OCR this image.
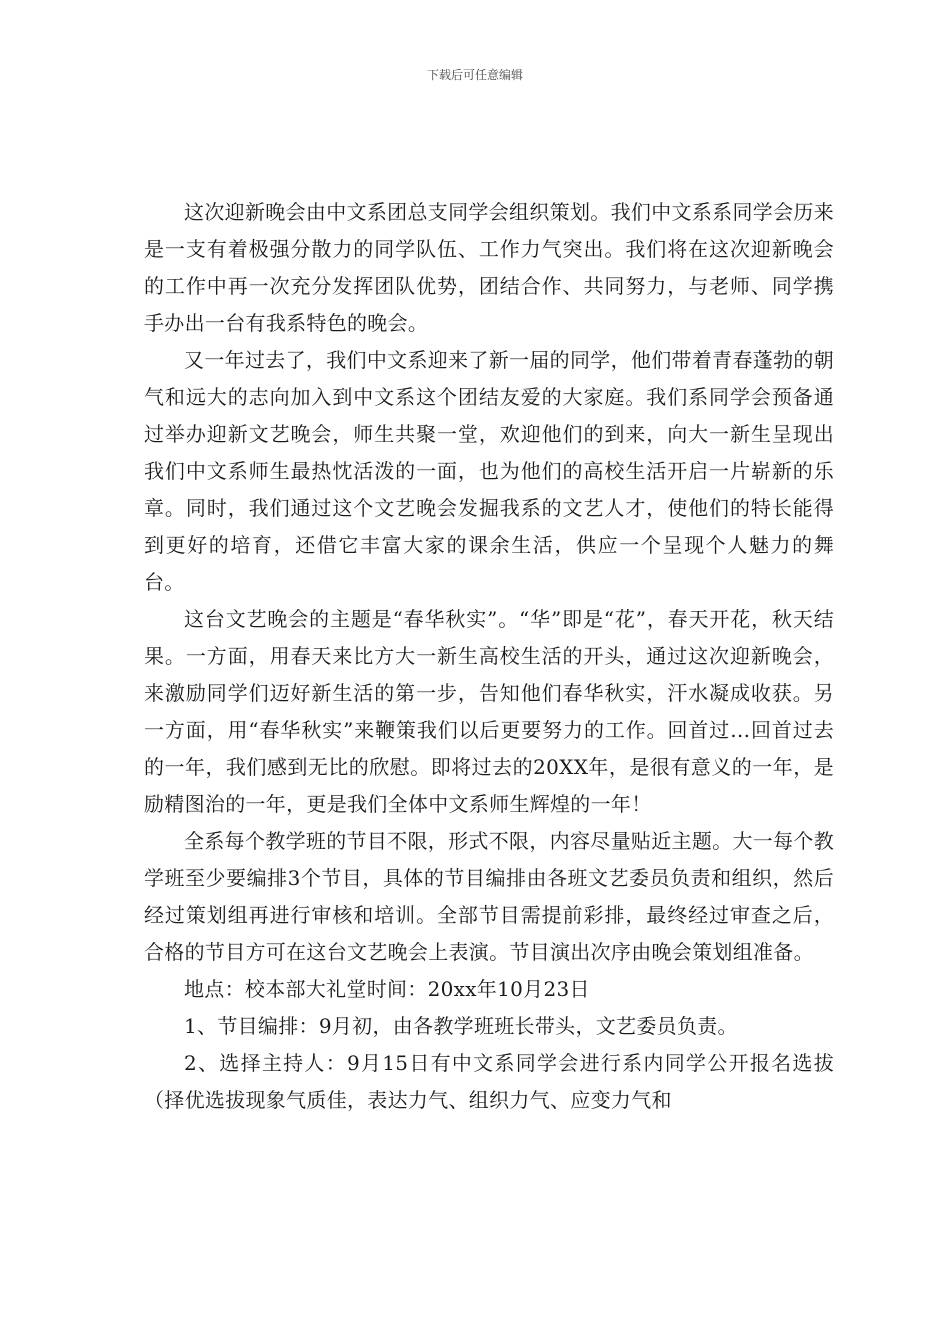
下载后可任意编辑

这次迎新晚会由中文系团总支同学会组织策划。我们中文系系同学会历来是一支有着极强分散力的同学队伍、工作力气突出。我们将在这次迎新晚会的工作中再一次充分发挥团队优势，团结合作、共同努力，与老师、同学携手办出一台有我系特色的晚会。

又一年过去了，我们中文系迎来了新一届的同学，他们带着青春蓬勃的朝气和远大的志向加入到中文系这个团结友爱的大家庭。我们系同学会预备通过举办迎新文艺晚会，师生共聚一堂，欢迎他们的到来，向大一新生呈现出我们中文系师生最热忱活泼的一面，也为他们的高校生活开启一片崭新的乐章。同时，我们通过这个文艺晚会发掘我系的文艺人才，使他们的特长能得到更好的培育，还借它丰富大家的课余生活，供应一个呈现个人魅力的舞台。

这台文艺晚会的主题是“春华秋实”。“华”即是“花”，春天开花，秋天结果。一方面，用春天来比方大一新生高校生活的开头，通过这次迎新晚会，来激励同学们迈好新生活的第一步，告知他们春华秋实，汗水凝成收获。另一方面，用“春华秋实”来鞭策我们以后更要努力的工作。回首过…回首过去的一年，我们感到无比的欣慰。即将过去的20XX年，是很有意义的一年，是励精图治的一年，更是我们全体中文系师生辉煌的一年！

全系每个教学班的节目不限，形式不限，内容尽量贴近主题。大一每个教学班至少要编排3个节目，具体的节目编排由各班文艺委员负责和组织，然后经过策划组再进行审核和培训。全部节目需提前彩排，最终经过审查之后，合格的节目方可在这台文艺晚会上表演。节目演出次序由晚会策划组准备。

地点：校本部大礼堂时间：20xx年10月23日

1、节目编排：9月初，由各教学班班长带头，文艺委员负责。

2、选择主持人：9月15日有中文系同学会进行系内同学公开报名选拔（择优选拔现象气质佳，表达力气、组织力气、应变力气和
